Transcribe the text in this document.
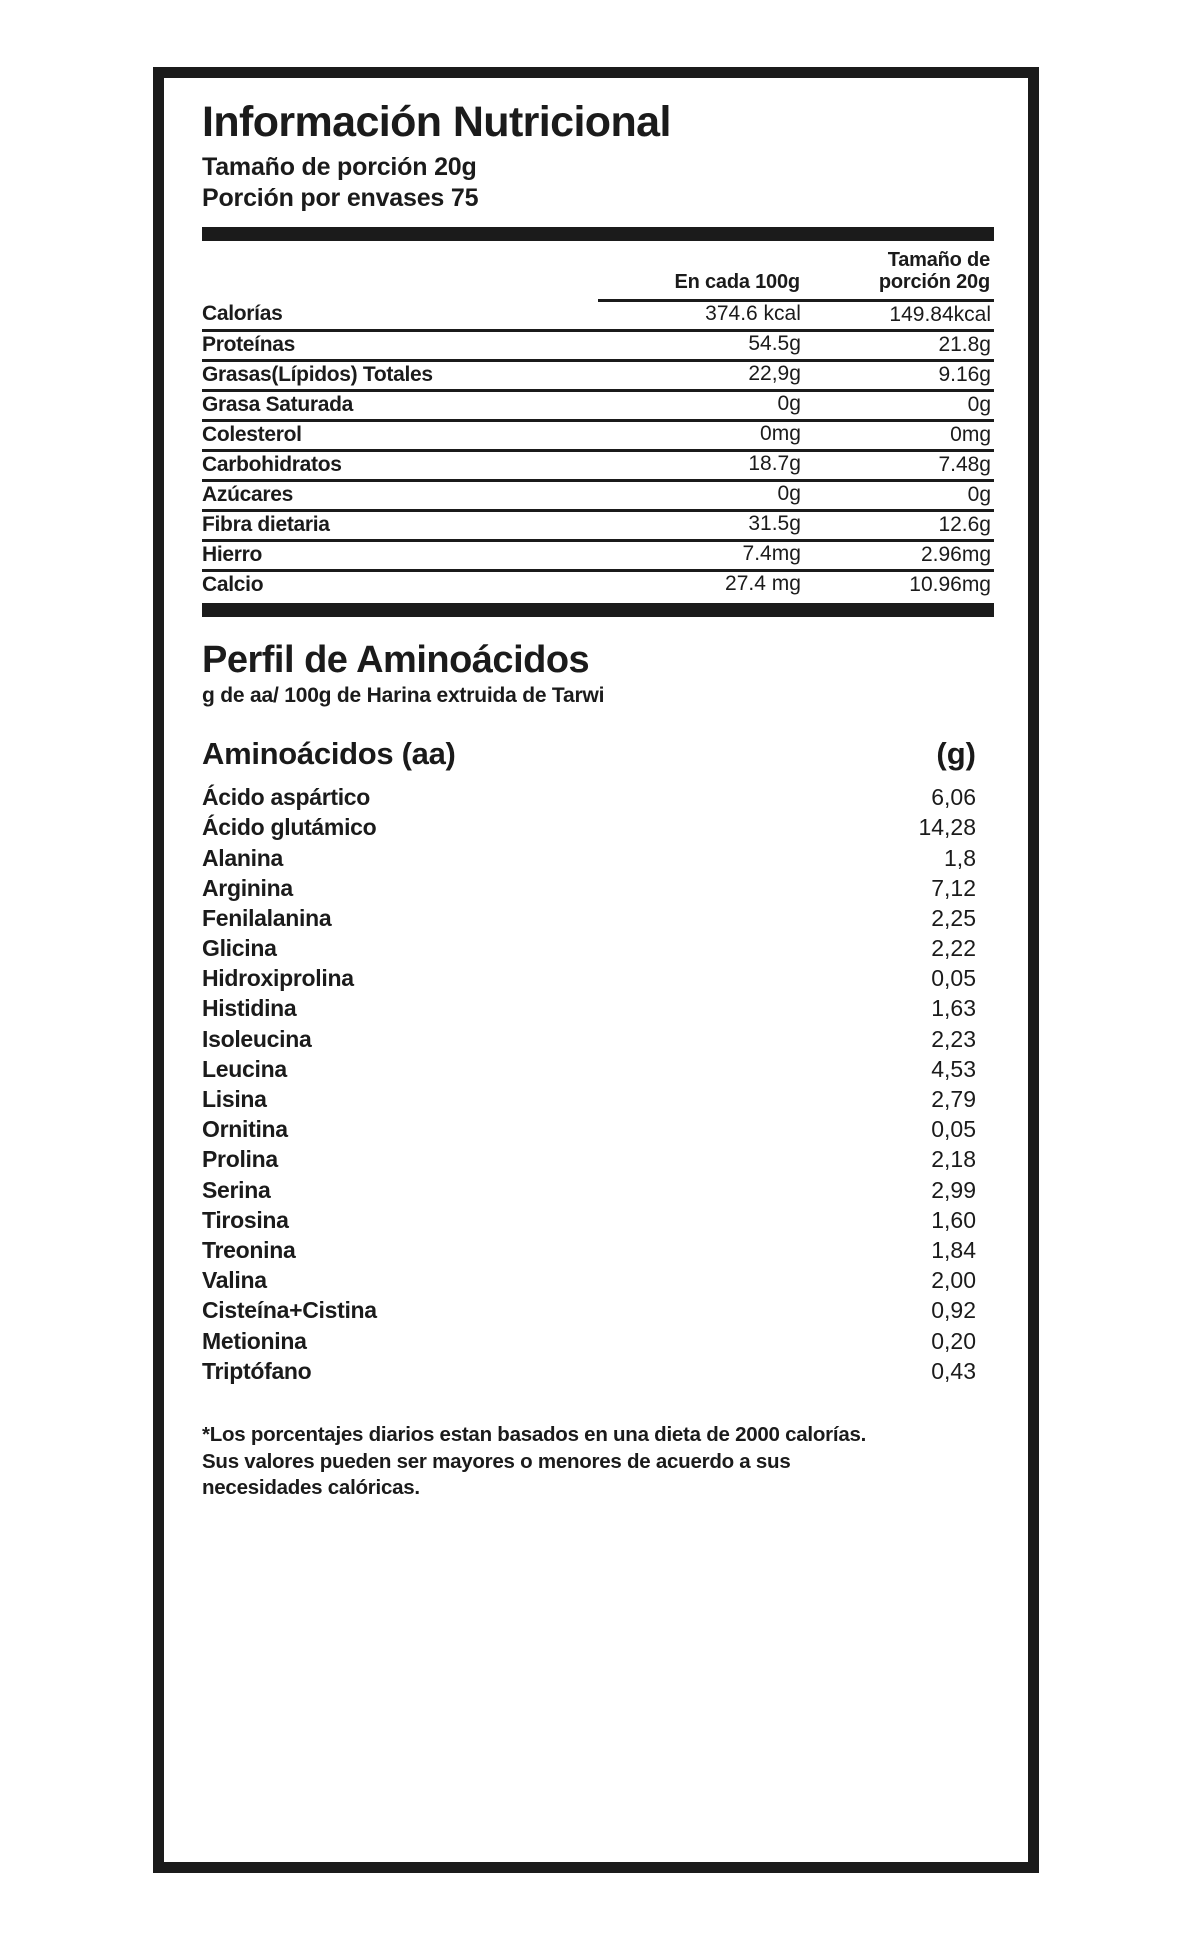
Información Nutricional
Tamaño de porción 20g
Porción por envases 75
	En cada 100g	Tamaño de
porción 20g
Calorías	374.6 kcal	149.84kcal
Proteínas	54.5g	21.8g
Grasas(Lípidos) Totales	22,9g	9.16g
Grasa Saturada	0g	0g
Colesterol	0mg	0mg
Carbohidratos	18.7g	7.48g
Azúcares	0g	0g
Fibra dietaria	31.5g	12.6g
Hierro	7.4mg	2.96mg
Calcio	27.4 mg	10.96mg
Perfil de Aminoácidos
g de aa/ 100g de Harina extruida de Tarwi
Aminoácidos (aa)	(g)
Ácido aspártico	6,06
Ácido glutámico	14,28
Alanina	1,8
Arginina	7,12
Fenilalanina	2,25
Glicina	2,22
Hidroxiprolina	0,05
Histidina	1,63
Isoleucina	2,23
Leucina	4,53
Lisina	2,79
Ornitina	0,05
Prolina	2,18
Serina	2,99
Tirosina	1,60
Treonina	1,84
Valina	2,00
Cisteína+Cistina	0,92
Metionina	0,20
Triptófano	0,43
*Los porcentajes diarios estan basados en una dieta de 2000 calorías. Sus valores pueden ser mayores o menores de acuerdo a sus necesidades calóricas.
